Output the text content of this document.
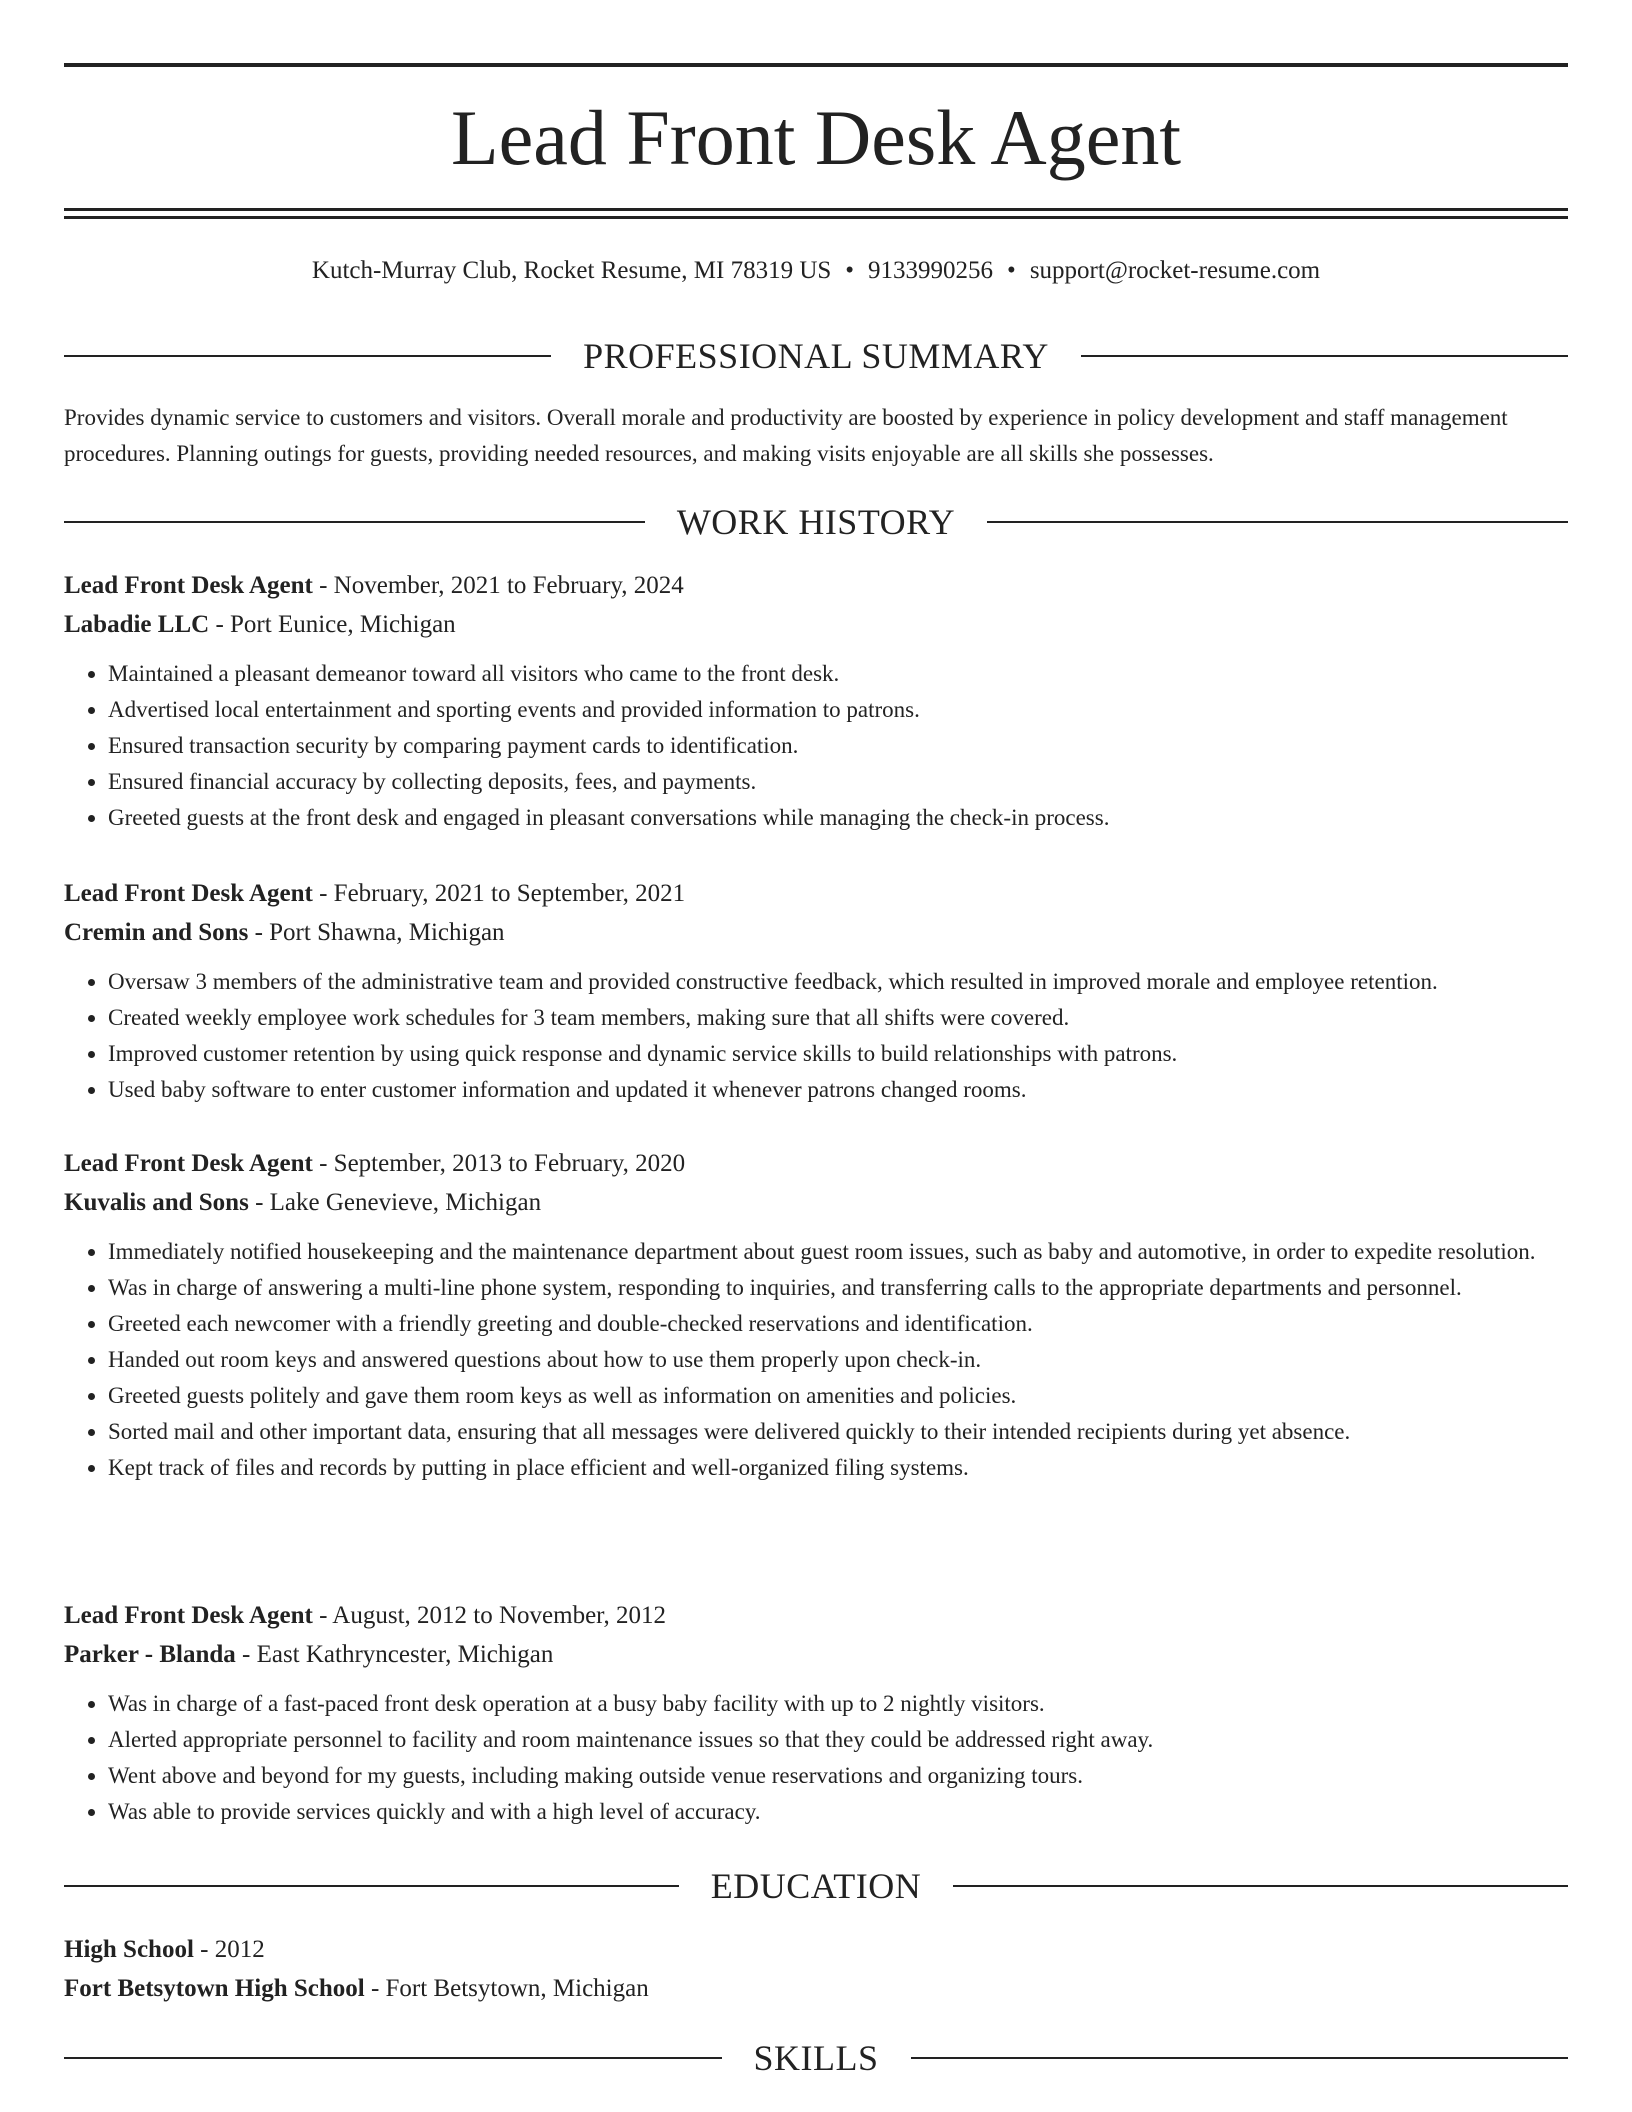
Lead Front Desk Agent
Kutch-Murray Club, Rocket Resume, MI 78319 US • 9133990256 • support@rocket-resume.com
PROFESSIONAL SUMMARY

Provides dynamic service to customers and visitors. Overall morale and productivity are boosted by experience in policy development and staff management procedures. Planning outings for guests, providing needed resources, and making visits enjoyable are all skills she possesses.

WORK HISTORY
Lead Front Desk Agent - November, 2021 to February, 2024
Labadie LLC - Port Eunice, Michigan
• Maintained a pleasant demeanor toward all visitors who came to the front desk.
• Advertised local entertainment and sporting events and provided information to patrons.
• Ensured transaction security by comparing payment cards to identification.
• Ensured financial accuracy by collecting deposits, fees, and payments.
• Greeted guests at the front desk and engaged in pleasant conversations while managing the check-in process.
Lead Front Desk Agent - February, 2021 to September, 2021
Cremin and Sons - Port Shawna, Michigan
• Oversaw 3 members of the administrative team and provided constructive feedback, which resulted in improved morale and employee retention.
• Created weekly employee work schedules for 3 team members, making sure that all shifts were covered.
• Improved customer retention by using quick response and dynamic service skills to build relationships with patrons.
• Used baby software to enter customer information and updated it whenever patrons changed rooms.
Lead Front Desk Agent - September, 2013 to February, 2020
Kuvalis and Sons - Lake Genevieve, Michigan
• Immediately notified housekeeping and the maintenance department about guest room issues, such as baby and automotive, in order to expedite resolution.
• Was in charge of answering a multi-line phone system, responding to inquiries, and transferring calls to the appropriate departments and personnel.
• Greeted each newcomer with a friendly greeting and double-checked reservations and identification.
• Handed out room keys and answered questions about how to use them properly upon check-in.
• Greeted guests politely and gave them room keys as well as information on amenities and policies.
• Sorted mail and other important data, ensuring that all messages were delivered quickly to their intended recipients during yet absence.
• Kept track of files and records by putting in place efficient and well-organized filing systems.
Lead Front Desk Agent - August, 2012 to November, 2012
Parker - Blanda - East Kathryncester, Michigan
• Was in charge of a fast-paced front desk operation at a busy baby facility with up to 2 nightly visitors.
• Alerted appropriate personnel to facility and room maintenance issues so that they could be addressed right away.
• Went above and beyond for my guests, including making outside venue reservations and organizing tours.
• Was able to provide services quickly and with a high level of accuracy.
EDUCATION
High School - 2012
Fort Betsytown High School - Fort Betsytown, Michigan
SKILLS
